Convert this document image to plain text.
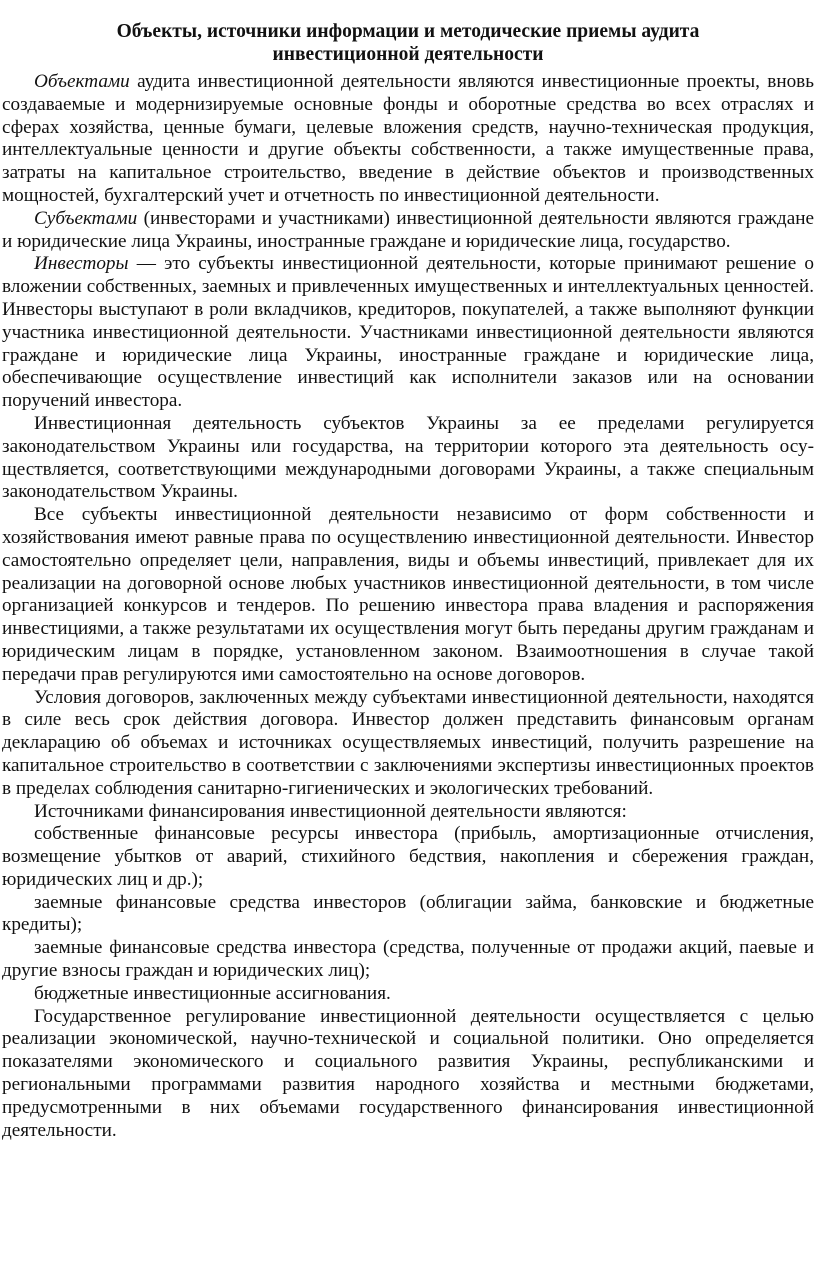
Объекты, источники информации и методические приемы аудита
инвестиционной деятельности

Объектами аудита инвестиционной деятельности являются инвестиционные проекты, вновь создаваемые и модернизируемые основные фонды и оборотные средства во всех отраслях и сферах хозяйства, ценные бумаги, целевые вложения средств, научно-техническая продукция, интеллектуальные ценности и другие объекты собственности, а также имущественные права, затраты на капитальное строительство, введение в действие объектов и производственных мощностей, бухгалтерский учет и отчетность по инвестиционной деятельности.

Субъектами (инвесторами и участниками) инвестиционной деятельности являются граждане и юридические лица Украины, иностранные граждане и юридические лица, государство.

Инвесторы — это субъекты инвестиционной деятельности, которые принимают решение о вложении собственных, заемных и привлеченных имущественных и интеллектуальных ценностей. Инвесторы выступают в роли вкладчиков, кредиторов, покупателей, а также выполняют функции участника инвестиционной деятельности. Участниками инвестиционной деятельности являются граждане и юридические лица Украины, иностранные граждане и юридические лица, обеспечивающие осуществление инвестиций как исполнители заказов или на основании поручений инвестора.

Инвестиционная деятельность субъектов Украины за ее пределами регулируется законодательством Украины или государства, на территории которого эта деятельность осуществляется, соответствующими международными договорами Украины, а также специальным законодательством Украины.

Все субъекты инвестиционной деятельности независимо от форм собственности и хозяйствования имеют равные права по осуществлению инвестиционной деятельности. Инвестор самостоятельно определяет цели, направления, виды и объемы инвестиций, привлекает для их реализации на договорной основе любых участников инвестиционной деятельности, в том числе организацией конкурсов и тендеров. По решению инвестора права владения и распоряжения инвестициями, а также результатами их осуществления могут быть переданы другим гражданам и юридическим лицам в порядке, установленном законом. Взаимоотношения в случае такой передачи прав регулируются ими самостоятельно на основе договоров.

Условия договоров, заключенных между субъектами инвестиционной деятельности, находятся в силе весь срок действия договора. Инвестор должен представить финансовым органам декларацию об объемах и источниках осуществляемых инвестиций, получить разрешение на капитальное строительство в соответствии с заключениями экспертизы инвестиционных проектов в пределах соблюдения санитарно-гигиенических и экологических требований.

Источниками финансирования инвестиционной деятельности являются:

собственные финансовые ресурсы инвестора (прибыль, амортизационные отчисления, возмещение убытков от аварий, стихийного бедствия, накопления и сбережения граждан, юридических лиц и др.);

заемные финансовые средства инвесторов (облигации займа, банковские и бюджетные кредиты);

заемные финансовые средства инвестора (средства, полученные от продажи акций, паевые и другие взносы граждан и юридических лиц);

бюджетные инвестиционные ассигнования.

Государственное регулирование инвестиционной деятельности осуществляется с целью реализации экономической, научно-технической и социальной политики. Оно определяется показателями экономического и социального развития Украины, республиканскими и региональными программами развития народного хозяйства и местными бюджетами, предусмотренными в них объемами государственного финансирования инвестиционной деятельности.
